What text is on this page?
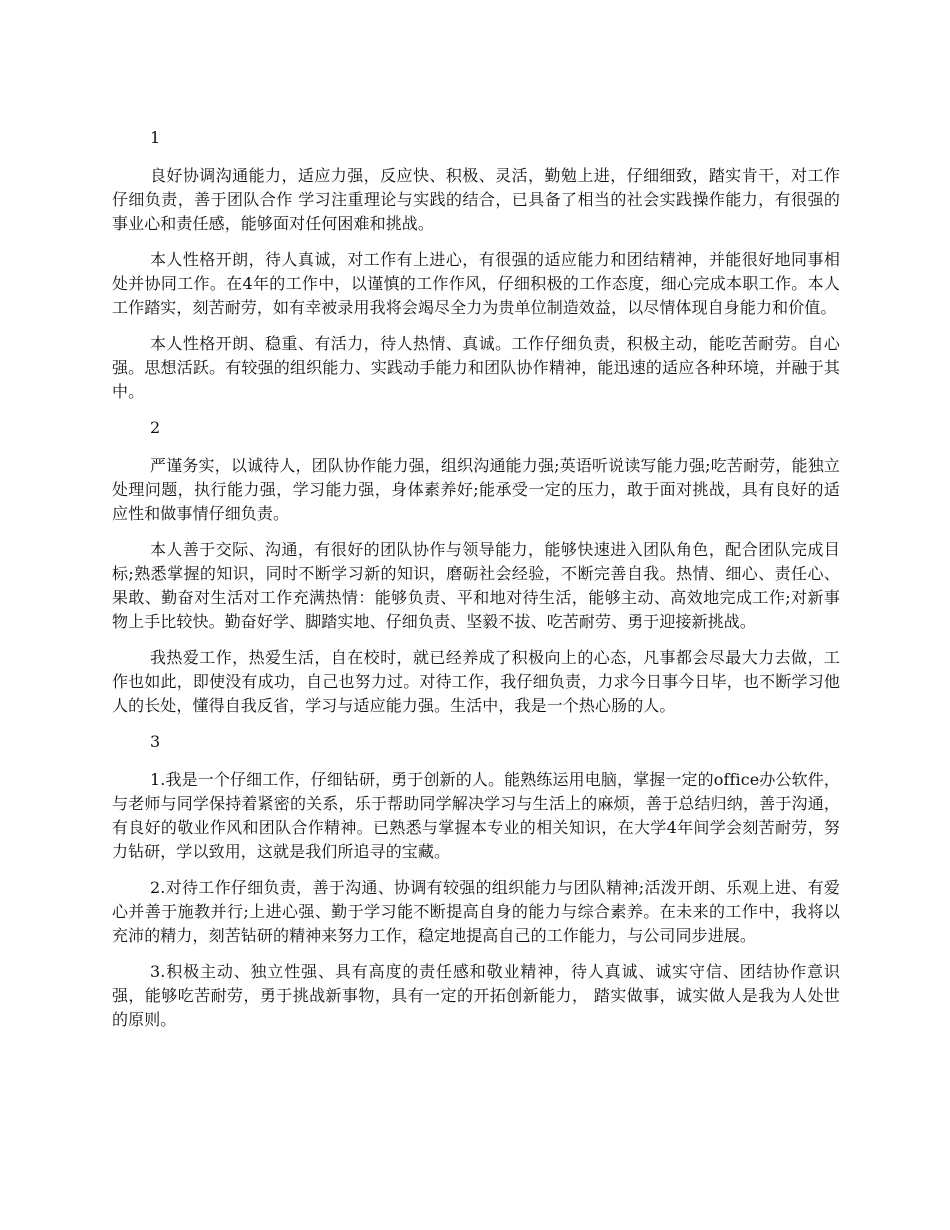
1

良好协调沟通能力，适应力强，反应快、积极、灵活，勤勉上进，仔细细致，踏实肯干，对工作仔细负责，善于团队合作 学习注重理论与实践的结合，已具备了相当的社会实践操作能力，有很强的事业心和责任感，能够面对任何困难和挑战。

本人性格开朗，待人真诚，对工作有上进心，有很强的适应能力和团结精神，并能很好地同事相处并协同工作。在4年的工作中，以谨慎的工作作风，仔细积极的工作态度，细心完成本职工作。本人工作踏实，刻苦耐劳，如有幸被录用我将会竭尽全力为贵单位制造效益，以尽情体现自身能力和价值。

本人性格开朗、稳重、有活力，待人热情、真诚。工作仔细负责，积极主动，能吃苦耐劳。自心强。思想活跃。有较强的组织能力、实践动手能力和团队协作精神，能迅速的适应各种环境，并融于其中。

2

严谨务实，以诚待人，团队协作能力强，组织沟通能力强;英语听说读写能力强;吃苦耐劳，能独立处理问题，执行能力强，学习能力强，身体素养好;能承受一定的压力，敢于面对挑战，具有良好的适应性和做事情仔细负责。

本人善于交际、沟通，有很好的团队协作与领导能力，能够快速进入团队角色，配合团队完成目标;熟悉掌握的知识，同时不断学习新的知识，磨砺社会经验，不断完善自我。热情、细心、责任心、果敢、勤奋对生活对工作充满热情：能够负责、平和地对待生活，能够主动、高效地完成工作;对新事物上手比较快。勤奋好学、脚踏实地、仔细负责、坚毅不拔、吃苦耐劳、勇于迎接新挑战。

我热爱工作，热爱生活，自在校时，就已经养成了积极向上的心态，凡事都会尽最大力去做，工作也如此，即使没有成功，自己也努力过。对待工作，我仔细负责，力求今日事今日毕，也不断学习他人的长处，懂得自我反省，学习与适应能力强。生活中，我是一个热心肠的人。

3

1.我是一个仔细工作，仔细钻研，勇于创新的人。能熟练运用电脑，掌握一定的office办公软件，与老师与同学保持着紧密的关系，乐于帮助同学解决学习与生活上的麻烦，善于总结归纳，善于沟通，有良好的敬业作风和团队合作精神。已熟悉与掌握本专业的相关知识，在大学4年间学会刻苦耐劳，努力钻研，学以致用，这就是我们所追寻的宝藏。

2.对待工作仔细负责，善于沟通、协调有较强的组织能力与团队精神;活泼开朗、乐观上进、有爱心并善于施教并行;上进心强、勤于学习能不断提高自身的能力与综合素养。在未来的工作中，我将以充沛的精力，刻苦钻研的精神来努力工作，稳定地提高自己的工作能力，与公司同步进展。

3.积极主动、独立性强、具有高度的责任感和敬业精神，待人真诚、诚实守信、团结协作意识强，能够吃苦耐劳，勇于挑战新事物，具有一定的开拓创新能力， 踏实做事，诚实做人是我为人处世的原则。
